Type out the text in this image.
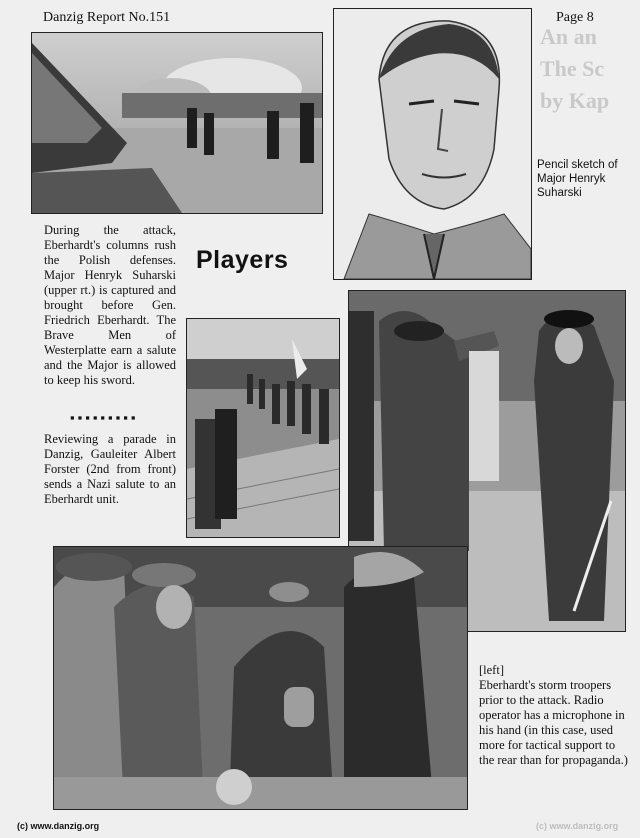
An an
The Sc
by Kap
Danzig Report No.151	Page 8
Pencil sketch of Major Henryk Suharski
During the attack, Eberhardt's columns rush the Polish defenses. Major Henryk Suharski (upper rt.) is captured and brought before Gen. Friedrich Eberhardt. The Brave Men of Westerplatte earn a salute and the Major is allowed to keep his sword.
▪▪▪▪▪▪▪▪▪
Reviewing a parade in Danzig, Gauleiter Albert Forster (2nd from front) sends a Nazi salute to an Eberhardt unit.
Players
[left]
Eberhardt's storm troopers prior to the attack. Radio operator has a microphone in his hand (in this case, used more for tactical support to the rear than for propaganda.)
(c) www.danzig.org	(c) www.danzig.org
